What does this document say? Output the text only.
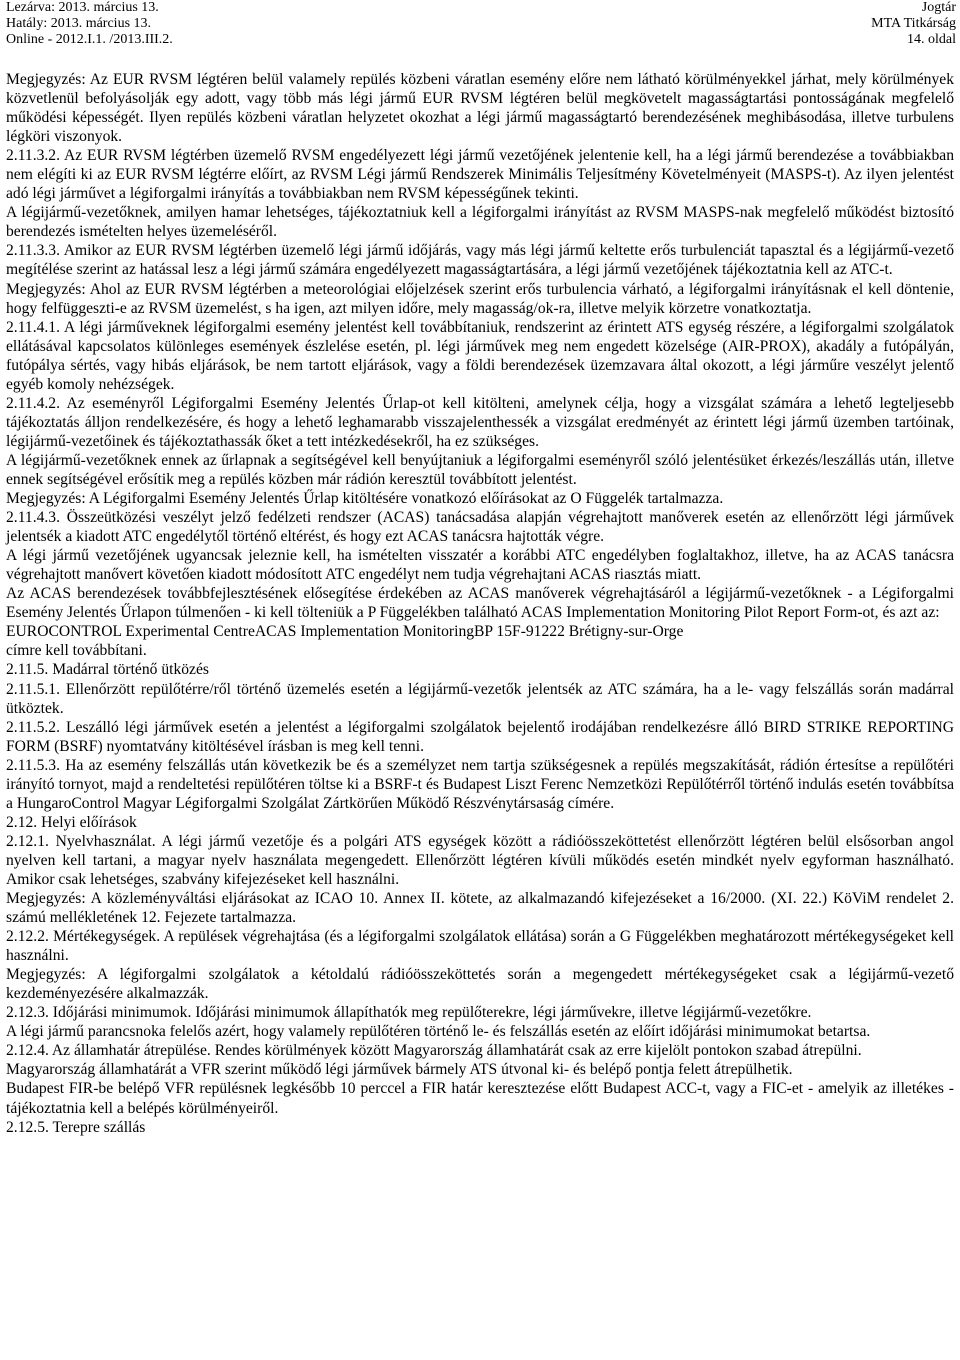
Lezárva: 2013. március 13.
Hatály: 2013. március 13.
Online - 2012.I.1. /2013.III.2.
Jogtár
MTA Titkárság
14. oldal

Megjegyzés: Az EUR RVSM légtéren belül valamely repülés közbeni váratlan esemény előre nem látható körülményekkel járhat, mely körülmények közvetlenül befolyásolják egy adott, vagy több más légi jármű EUR RVSM légtéren belül megkövetelt magasságtartási pontosságának megfelelő működési képességét. Ilyen repülés közbeni váratlan helyzetet okozhat a légi jármű magasságtartó berendezésének meghibásodása, illetve turbulens légköri viszonyok.

2.11.3.2. Az EUR RVSM légtérben üzemelő RVSM engedélyezett légi jármű vezetőjének jelentenie kell, ha a légi jármű berendezése a továbbiakban nem elégíti ki az EUR RVSM légtérre előírt, az RVSM Légi jármű Rendszerek Minimális Teljesítmény Követelményeit (MASPS-t). Az ilyen jelentést adó légi járművet a légiforgalmi irányítás a továbbiakban nem RVSM képességűnek tekinti.

A légijármű-vezetőknek, amilyen hamar lehetséges, tájékoztatniuk kell a légiforgalmi irányítást az RVSM MASPS-nak megfelelő működést biztosító berendezés ismételten helyes üzemeléséről.

2.11.3.3. Amikor az EUR RVSM légtérben üzemelő légi jármű időjárás, vagy más légi jármű keltette erős turbulenciát tapasztal és a légijármű-vezető megítélése szerint az hatással lesz a légi jármű számára engedélyezett magasságtartására, a légi jármű vezetőjének tájékoztatnia kell az ATC-t.

Megjegyzés: Ahol az EUR RVSM légtérben a meteorológiai előjelzések szerint erős turbulencia várható, a légiforgalmi irányításnak el kell döntenie, hogy felfüggeszti-e az RVSM üzemelést, s ha igen, azt milyen időre, mely magasság/ok-ra, illetve melyik körzetre vonatkoztatja.

2.11.4.1. A légi járműveknek légiforgalmi esemény jelentést kell továbbítaniuk, rendszerint az érintett ATS egység részére, a légiforgalmi szolgálatok ellátásával kapcsolatos különleges események észlelése esetén, pl. légi járművek meg nem engedett közelsége (AIR-PROX), akadály a futópályán, futópálya sértés, vagy hibás eljárások, be nem tartott eljárások, vagy a földi berendezések üzemzavara által okozott, a légi járműre veszélyt jelentő egyéb komoly nehézségek.

2.11.4.2. Az eseményről Légiforgalmi Esemény Jelentés Űrlap-ot kell kitölteni, amelynek célja, hogy a vizsgálat számára a lehető legteljesebb tájékoztatás álljon rendelkezésére, és hogy a lehető leghamarabb visszajelenthessék a vizsgálat eredményét az érintett légi jármű üzemben tartóinak, légijármű-vezetőinek és tájékoztathassák őket a tett intézkedésekről, ha ez szükséges.

A légijármű-vezetőknek ennek az űrlapnak a segítségével kell benyújtaniuk a légiforgalmi eseményről szóló jelentésüket érkezés/leszállás után, illetve ennek segítségével erősítik meg a repülés közben már rádión keresztül továbbított jelentést.

Megjegyzés: A Légiforgalmi Esemény Jelentés Űrlap kitöltésére vonatkozó előírásokat az O Függelék tartalmazza.

2.11.4.3. Összeütközési veszélyt jelző fedélzeti rendszer (ACAS) tanácsadása alapján végrehajtott manőverek esetén az ellenőrzött légi járművek jelentsék a kiadott ATC engedélytől történő eltérést, és hogy ezt ACAS tanácsra hajtották végre.

A légi jármű vezetőjének ugyancsak jeleznie kell, ha ismételten visszatér a korábbi ATC engedélyben foglaltakhoz, illetve, ha az ACAS tanácsra végrehajtott manővert követően kiadott módosított ATC engedélyt nem tudja végrehajtani ACAS riasztás miatt.

Az ACAS berendezések továbbfejlesztésének elősegítése érdekében az ACAS manőverek végrehajtásáról a légijármű-vezetőknek - a Légiforgalmi Esemény Jelentés Űrlapon túlmenően - ki kell tölteniük a P Függelékben található ACAS Implementation Monitoring Pilot Report Form-ot, és azt az:

EUROCONTROL Experimental CentreACAS Implementation MonitoringBP 15F-91222 Brétigny-sur-Orge

címre kell továbbítani.

2.11.5. Madárral történő ütközés

2.11.5.1. Ellenőrzött repülőtérre/ről történő üzemelés esetén a légijármű-vezetők jelentsék az ATC számára, ha a le- vagy felszállás során madárral ütköztek.

2.11.5.2. Leszálló légi járművek esetén a jelentést a légiforgalmi szolgálatok bejelentő irodájában rendelkezésre álló BIRD STRIKE REPORTING FORM (BSRF) nyomtatvány kitöltésével írásban is meg kell tenni.

2.11.5.3. Ha az esemény felszállás után következik be és a személyzet nem tartja szükségesnek a repülés megszakítását, rádión értesítse a repülőtéri irányító tornyot, majd a rendeltetési repülőtéren töltse ki a BSRF-t és Budapest Liszt Ferenc Nemzetközi Repülőtérről történő indulás esetén továbbítsa a HungaroControl Magyar Légiforgalmi Szolgálat Zártkörűen Működő Részvénytársaság címére.

2.12. Helyi előírások

2.12.1. Nyelvhasználat. A légi jármű vezetője és a polgári ATS egységek között a rádióösszeköttetést ellenőrzött légtéren belül elsősorban angol nyelven kell tartani, a magyar nyelv használata megengedett. Ellenőrzött légtéren kívüli működés esetén mindkét nyelv egyforman használható. Amikor csak lehetséges, szabvány kifejezéseket kell használni.

Megjegyzés: A közleményváltási eljárásokat az ICAO 10. Annex II. kötete, az alkalmazandó kifejezéseket a 16/2000. (XI. 22.) KöViM rendelet 2. számú mellékletének 12. Fejezete tartalmazza.

2.12.2. Mértékegységek. A repülések végrehajtása (és a légiforgalmi szolgálatok ellátása) során a G Függelékben meghatározott mértékegységeket kell használni.

Megjegyzés: A légiforgalmi szolgálatok a kétoldalú rádióösszeköttetés során a megengedett mértékegységeket csak a légijármű-vezető kezdeményezésére alkalmazzák.

2.12.3. Időjárási minimumok. Időjárási minimumok állapíthatók meg repülőterekre, légi járművekre, illetve légijármű-vezetőkre.

A légi jármű parancsnoka felelős azért, hogy valamely repülőtéren történő le- és felszállás esetén az előírt időjárási minimumokat betartsa.

2.12.4. Az államhatár átrepülése. Rendes körülmények között Magyarország államhatárát csak az erre kijelölt pontokon szabad átrepülni.

Magyarország államhatárát a VFR szerint működő légi járművek bármely ATS útvonal ki- és belépő pontja felett átrepülhetik.

Budapest FIR-be belépő VFR repülésnek legkésőbb 10 perccel a FIR határ keresztezése előtt Budapest ACC-t, vagy a FIC-et - amelyik az illetékes - tájékoztatnia kell a belépés körülményeiről.

2.12.5. Terepre szállás
